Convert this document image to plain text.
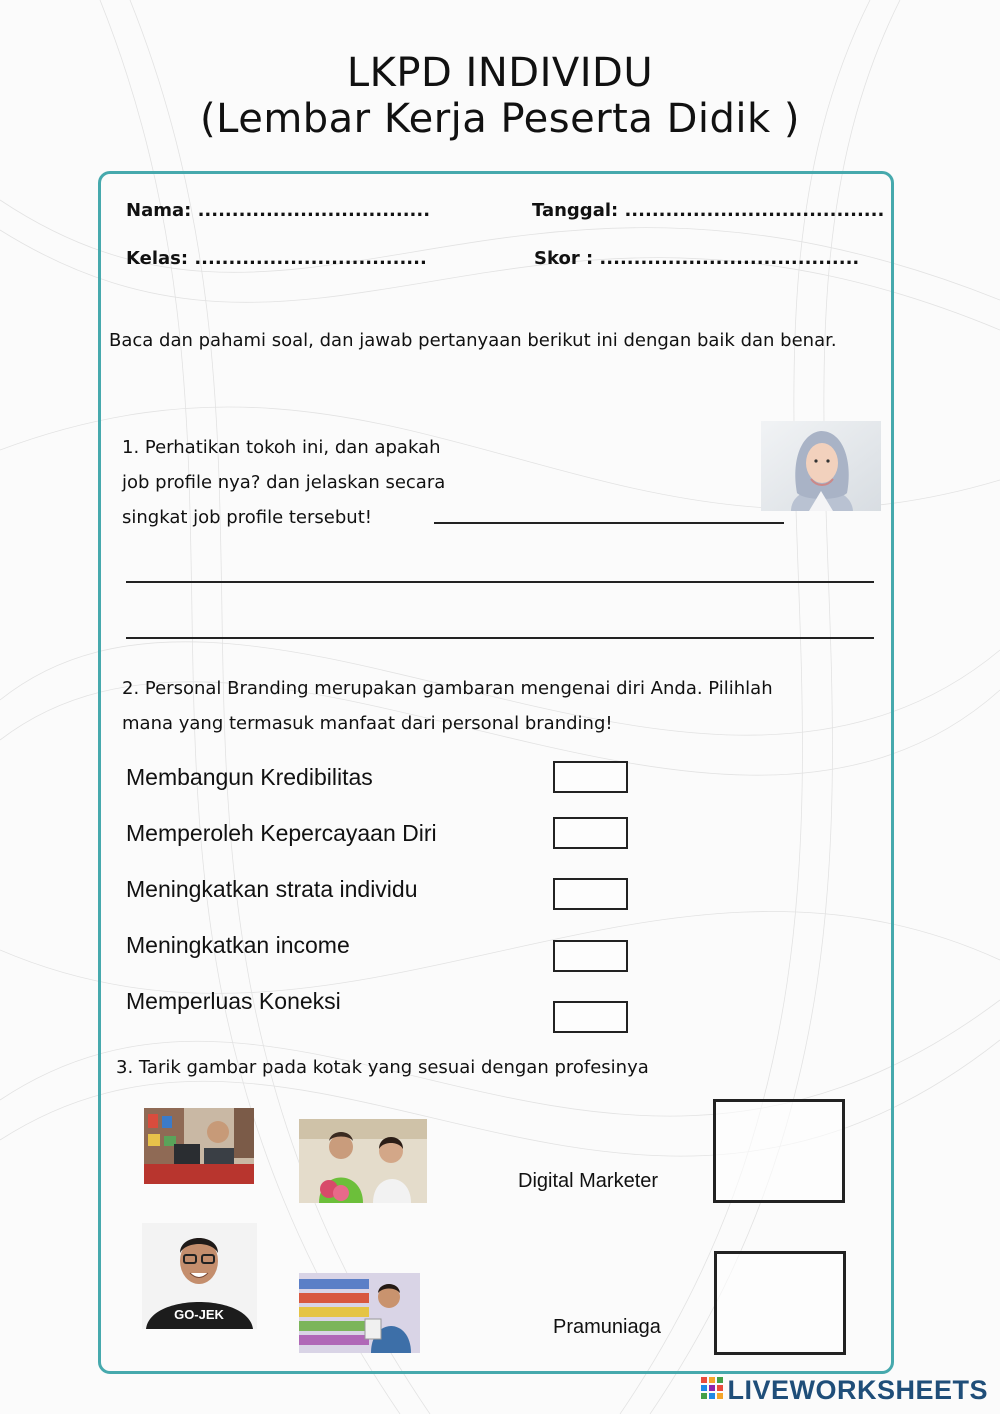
LKPD INDIVIDU
(Lembar Kerja Peserta Didik )
Nama: ..................................	Tanggal: ......................................
Kelas: ..................................	Skor : ......................................
Baca dan pahami soal, dan jawab pertanyaan berikut ini dengan baik dan benar.
1. Perhatikan tokoh ini, dan apakah
job profile nya? dan jelaskan secara
singkat job profile tersebut!
2. Personal Branding merupakan gambaran mengenai diri Anda. Pilihlah
mana yang termasuk manfaat dari personal branding!
Membangun Kredibilitas
Memperoleh Kepercayaan Diri
Meningkatkan strata individu
Meningkatkan income
Memperluas Koneksi
3. Tarik gambar pada kotak yang sesuai dengan profesinya
GO-JEK
Digital Marketer
Pramuniaga
LIVEWORKSHEETS
